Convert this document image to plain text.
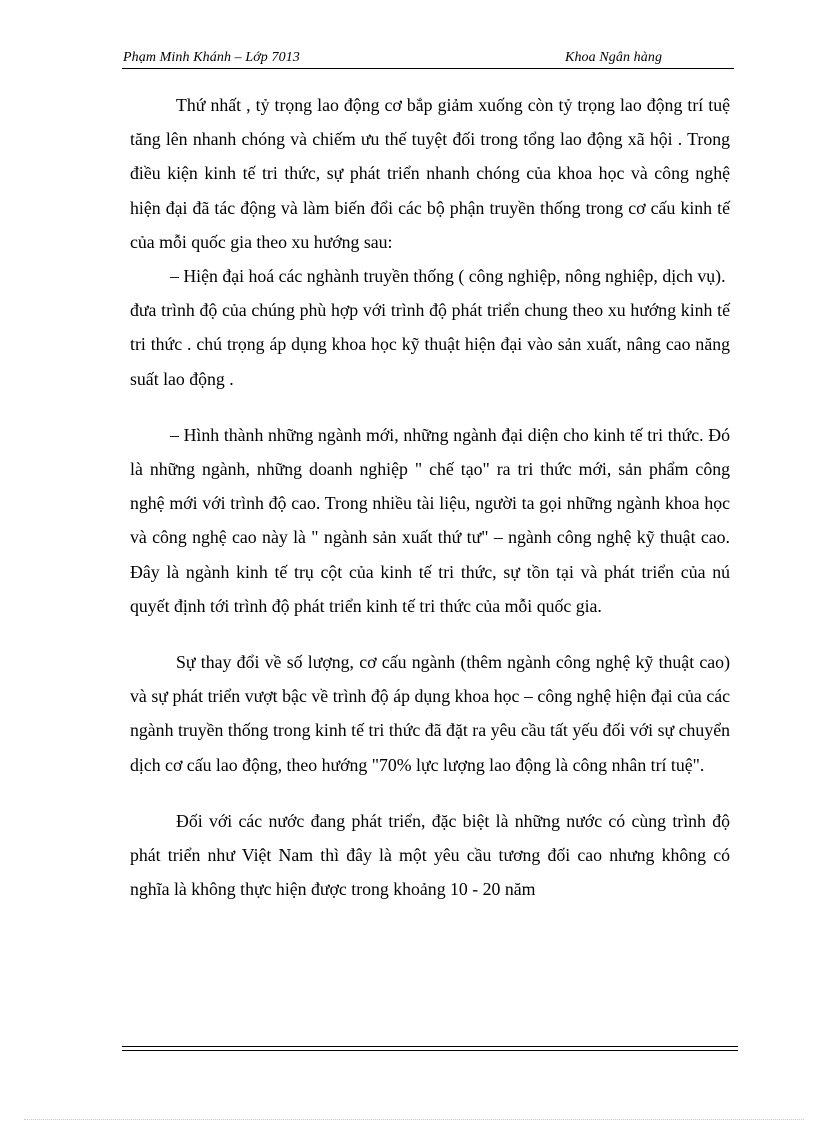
Phạm Minh Khánh – Lớp 7013	Khoa Ngân hàng

Thứ nhất , tỷ trọng lao động cơ bắp giảm xuống còn tỷ trọng lao động trí tuệ tăng lên nhanh chóng và chiếm ưu thế tuyệt đối trong tổng lao động xã hội . Trong điều kiện kinh tế tri thức, sự phát triển nhanh chóng của khoa học và công nghệ hiện đại đã tác động và làm biến đổi các bộ phận truyền thống trong cơ cấu kinh tế của mỗi quốc gia theo xu hướng sau:

– Hiện đại hoá các nghành truyền thống ( công nghiệp, nông nghiệp, dịch vụ).

đưa trình độ của chúng phù hợp với trình độ phát triển chung theo xu hướng kinh tế tri thức . chú trọng áp dụng khoa học kỹ thuật hiện đại vào sản xuất, nâng cao năng suất lao động .

– Hình thành những ngành mới, những ngành đại diện cho kinh tế tri thức. Đó là những ngành, những doanh nghiệp " chế tạo" ra tri thức mới, sản phẩm công nghệ mới với trình độ cao. Trong nhiều tài liệu, người ta gọi những ngành khoa học và công nghệ cao này là " ngành sản xuất thứ tư" – ngành công nghệ kỹ thuật cao. Đây là ngành kinh tế trụ cột của kinh tế tri thức, sự tồn tại và phát triển của nú quyết định tới trình độ phát triển kinh tế tri thức của mỗi quốc gia.

Sự thay đổi về số lượng, cơ cấu ngành (thêm ngành công nghệ kỹ thuật cao) và sự phát triển vượt bậc về trình độ áp dụng khoa học – công nghệ hiện đại của các ngành truyền thống trong kinh tế tri thức đã đặt ra yêu cầu tất yếu đối với sự chuyển dịch cơ cấu lao động, theo hướng "70% lực lượng lao động là công nhân trí tuệ".

Đối với các nước đang phát triển, đặc biệt là những nước có cùng trình độ phát triển như Việt Nam thì đây là một yêu cầu tương đối cao nhưng không có nghĩa là không thực hiện được trong khoảng 10 - 20 năm
